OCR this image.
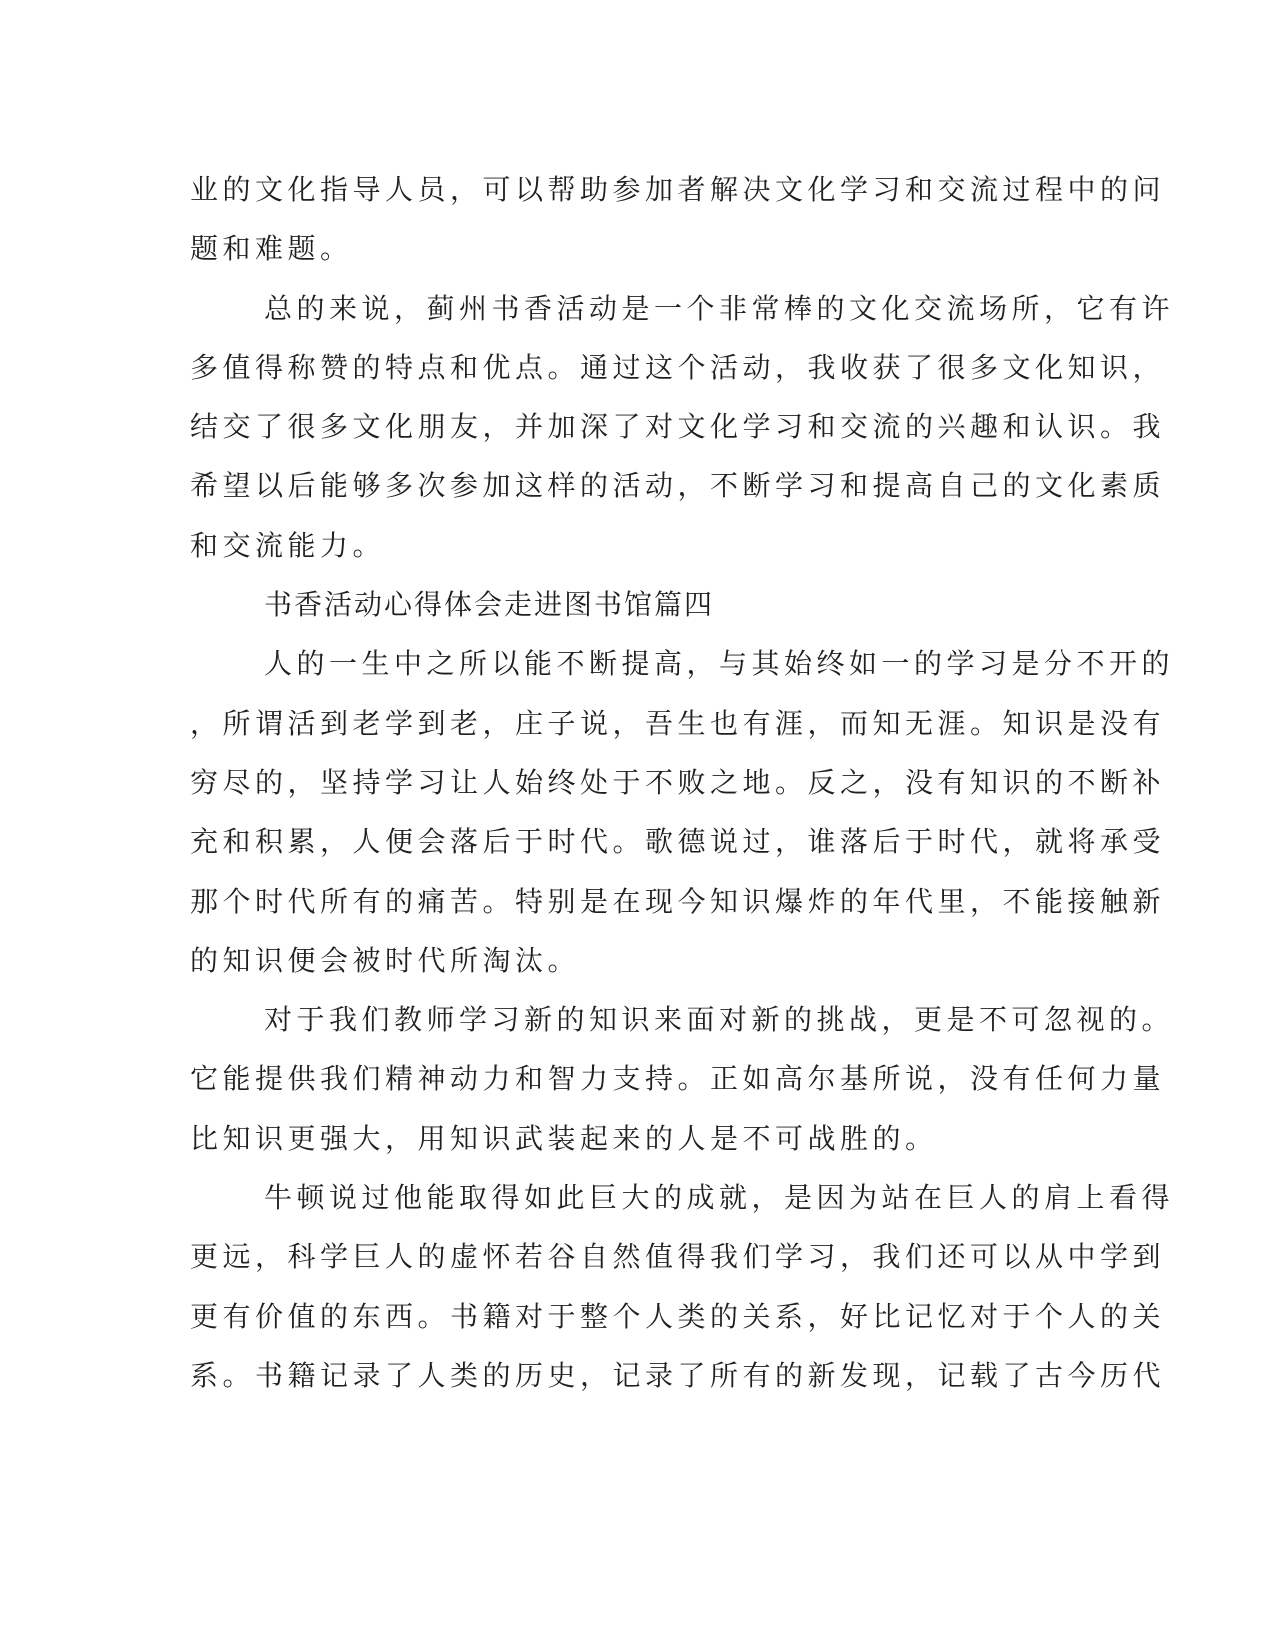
业的文化指导人员，可以帮助参加者解决文化学习和交流过程中的问
题和难题。
总的来说，蓟州书香活动是一个非常棒的文化交流场所，它有许
多值得称赞的特点和优点。通过这个活动，我收获了很多文化知识，
结交了很多文化朋友，并加深了对文化学习和交流的兴趣和认识。我
希望以后能够多次参加这样的活动，不断学习和提高自己的文化素质
和交流能力。
书香活动心得体会走进图书馆篇四
人的一生中之所以能不断提高，与其始终如一的学习是分不开的
，所谓活到老学到老，庄子说，吾生也有涯，而知无涯。知识是没有
穷尽的，坚持学习让人始终处于不败之地。反之，没有知识的不断补
充和积累，人便会落后于时代。歌德说过，谁落后于时代，就将承受
那个时代所有的痛苦。特别是在现今知识爆炸的年代里，不能接触新
的知识便会被时代所淘汰。
对于我们教师学习新的知识来面对新的挑战，更是不可忽视的。
它能提供我们精神动力和智力支持。正如高尔基所说，没有任何力量
比知识更强大，用知识武装起来的人是不可战胜的。
牛顿说过他能取得如此巨大的成就，是因为站在巨人的肩上看得
更远，科学巨人的虚怀若谷自然值得我们学习，我们还可以从中学到
更有价值的东西。书籍对于整个人类的关系，好比记忆对于个人的关
系。书籍记录了人类的历史，记录了所有的新发现，记载了古今历代
